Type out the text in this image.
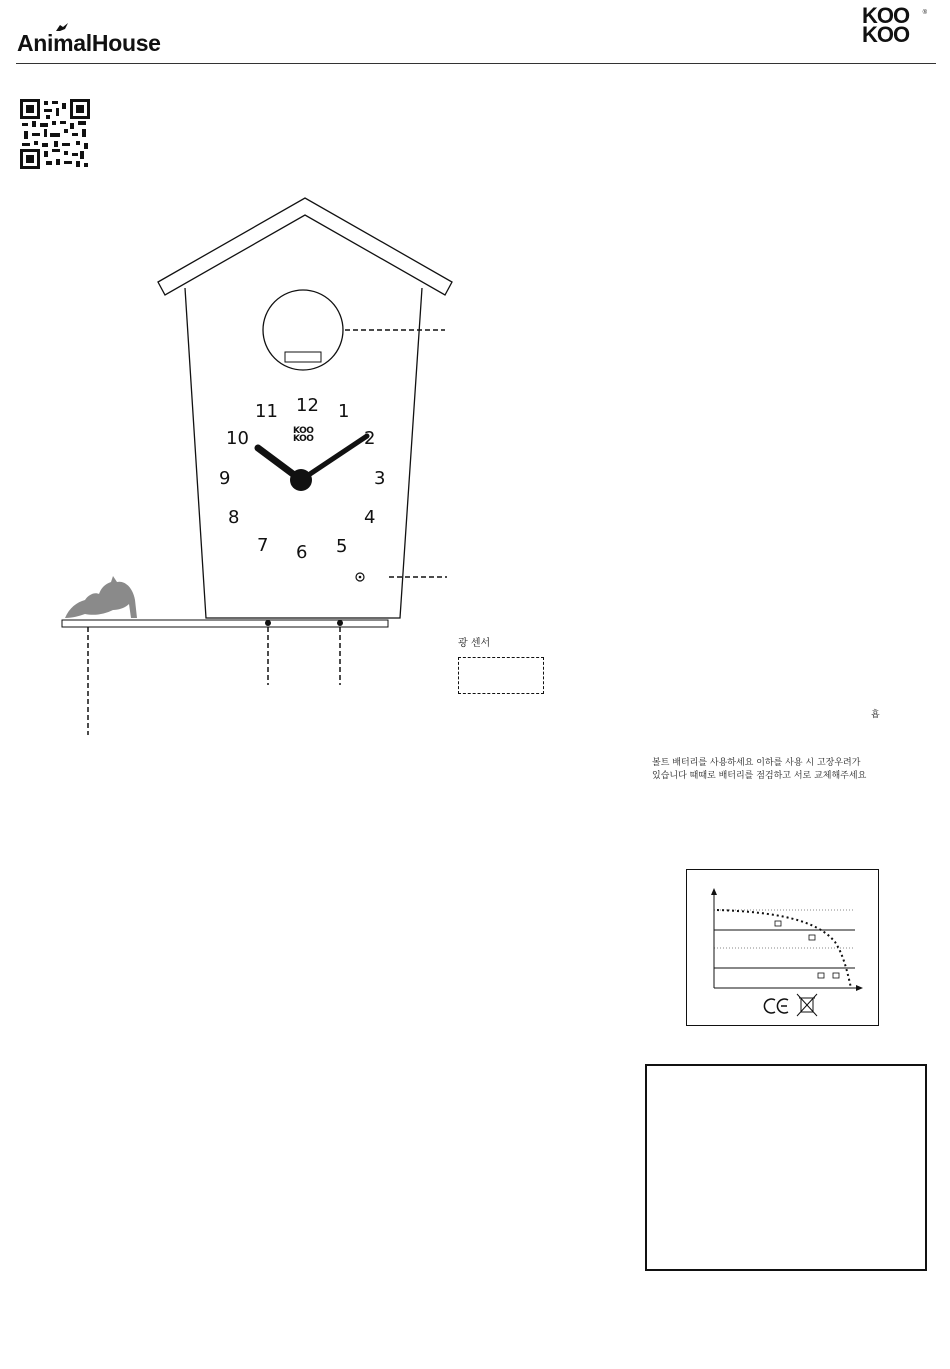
AnimalHouse
KOO
KOO
®
12 1
2
3
4
5
6
7
8
9
10
11
KOO
KOO
광 센서
횹
볼트 배터리를 사용하세요 이하를 사용 시 고장우려가
있습니다 때때로 배터리를 점검하고 서로 교체해주세요
